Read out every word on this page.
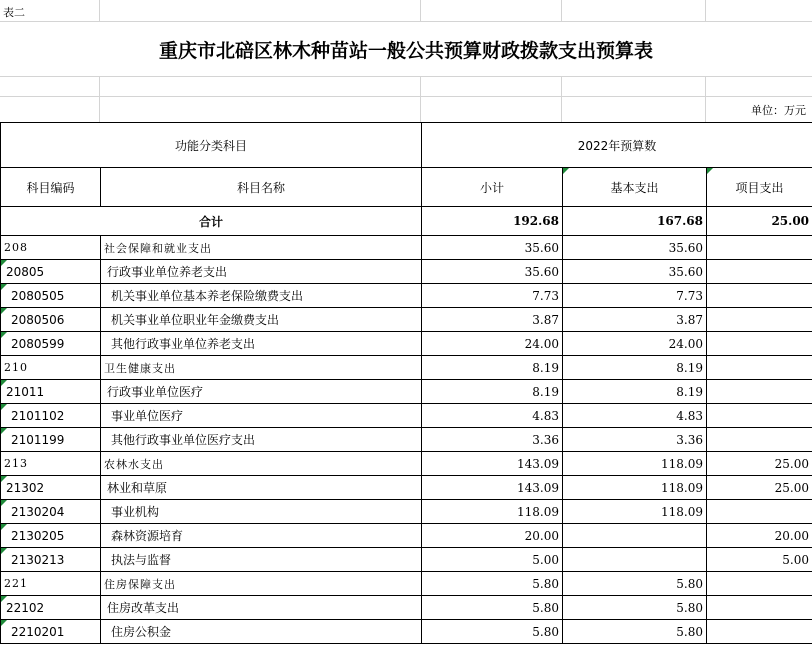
表二
重庆市北碚区林木种苗站一般公共预算财政拨款支出预算表
单位：万元
功能分类科目		2022年预算数		
科目编码	科目名称	小计	基本支出	项目支出
合计		192.68	167.68	25.00
208	社会保障和就业支出	35.60	35.60	
20805	行政事业单位养老支出	35.60	35.60	
2080505	机关事业单位基本养老保险缴费支出	7.73	7.73	
2080506	机关事业单位职业年金缴费支出	3.87	3.87	
2080599	其他行政事业单位养老支出	24.00	24.00	
210	卫生健康支出	8.19	8.19	
21011	行政事业单位医疗	8.19	8.19	
2101102	事业单位医疗	4.83	4.83	
2101199	其他行政事业单位医疗支出	3.36	3.36	
213	农林水支出	143.09	118.09	25.00
21302	林业和草原	143.09	118.09	25.00
2130204	事业机构	118.09	118.09	
2130205	森林资源培育	20.00		20.00
2130213	执法与监督	5.00		5.00
221	住房保障支出	5.80	5.80	
22102	住房改革支出	5.80	5.80	
2210201	住房公积金	5.80	5.80	
